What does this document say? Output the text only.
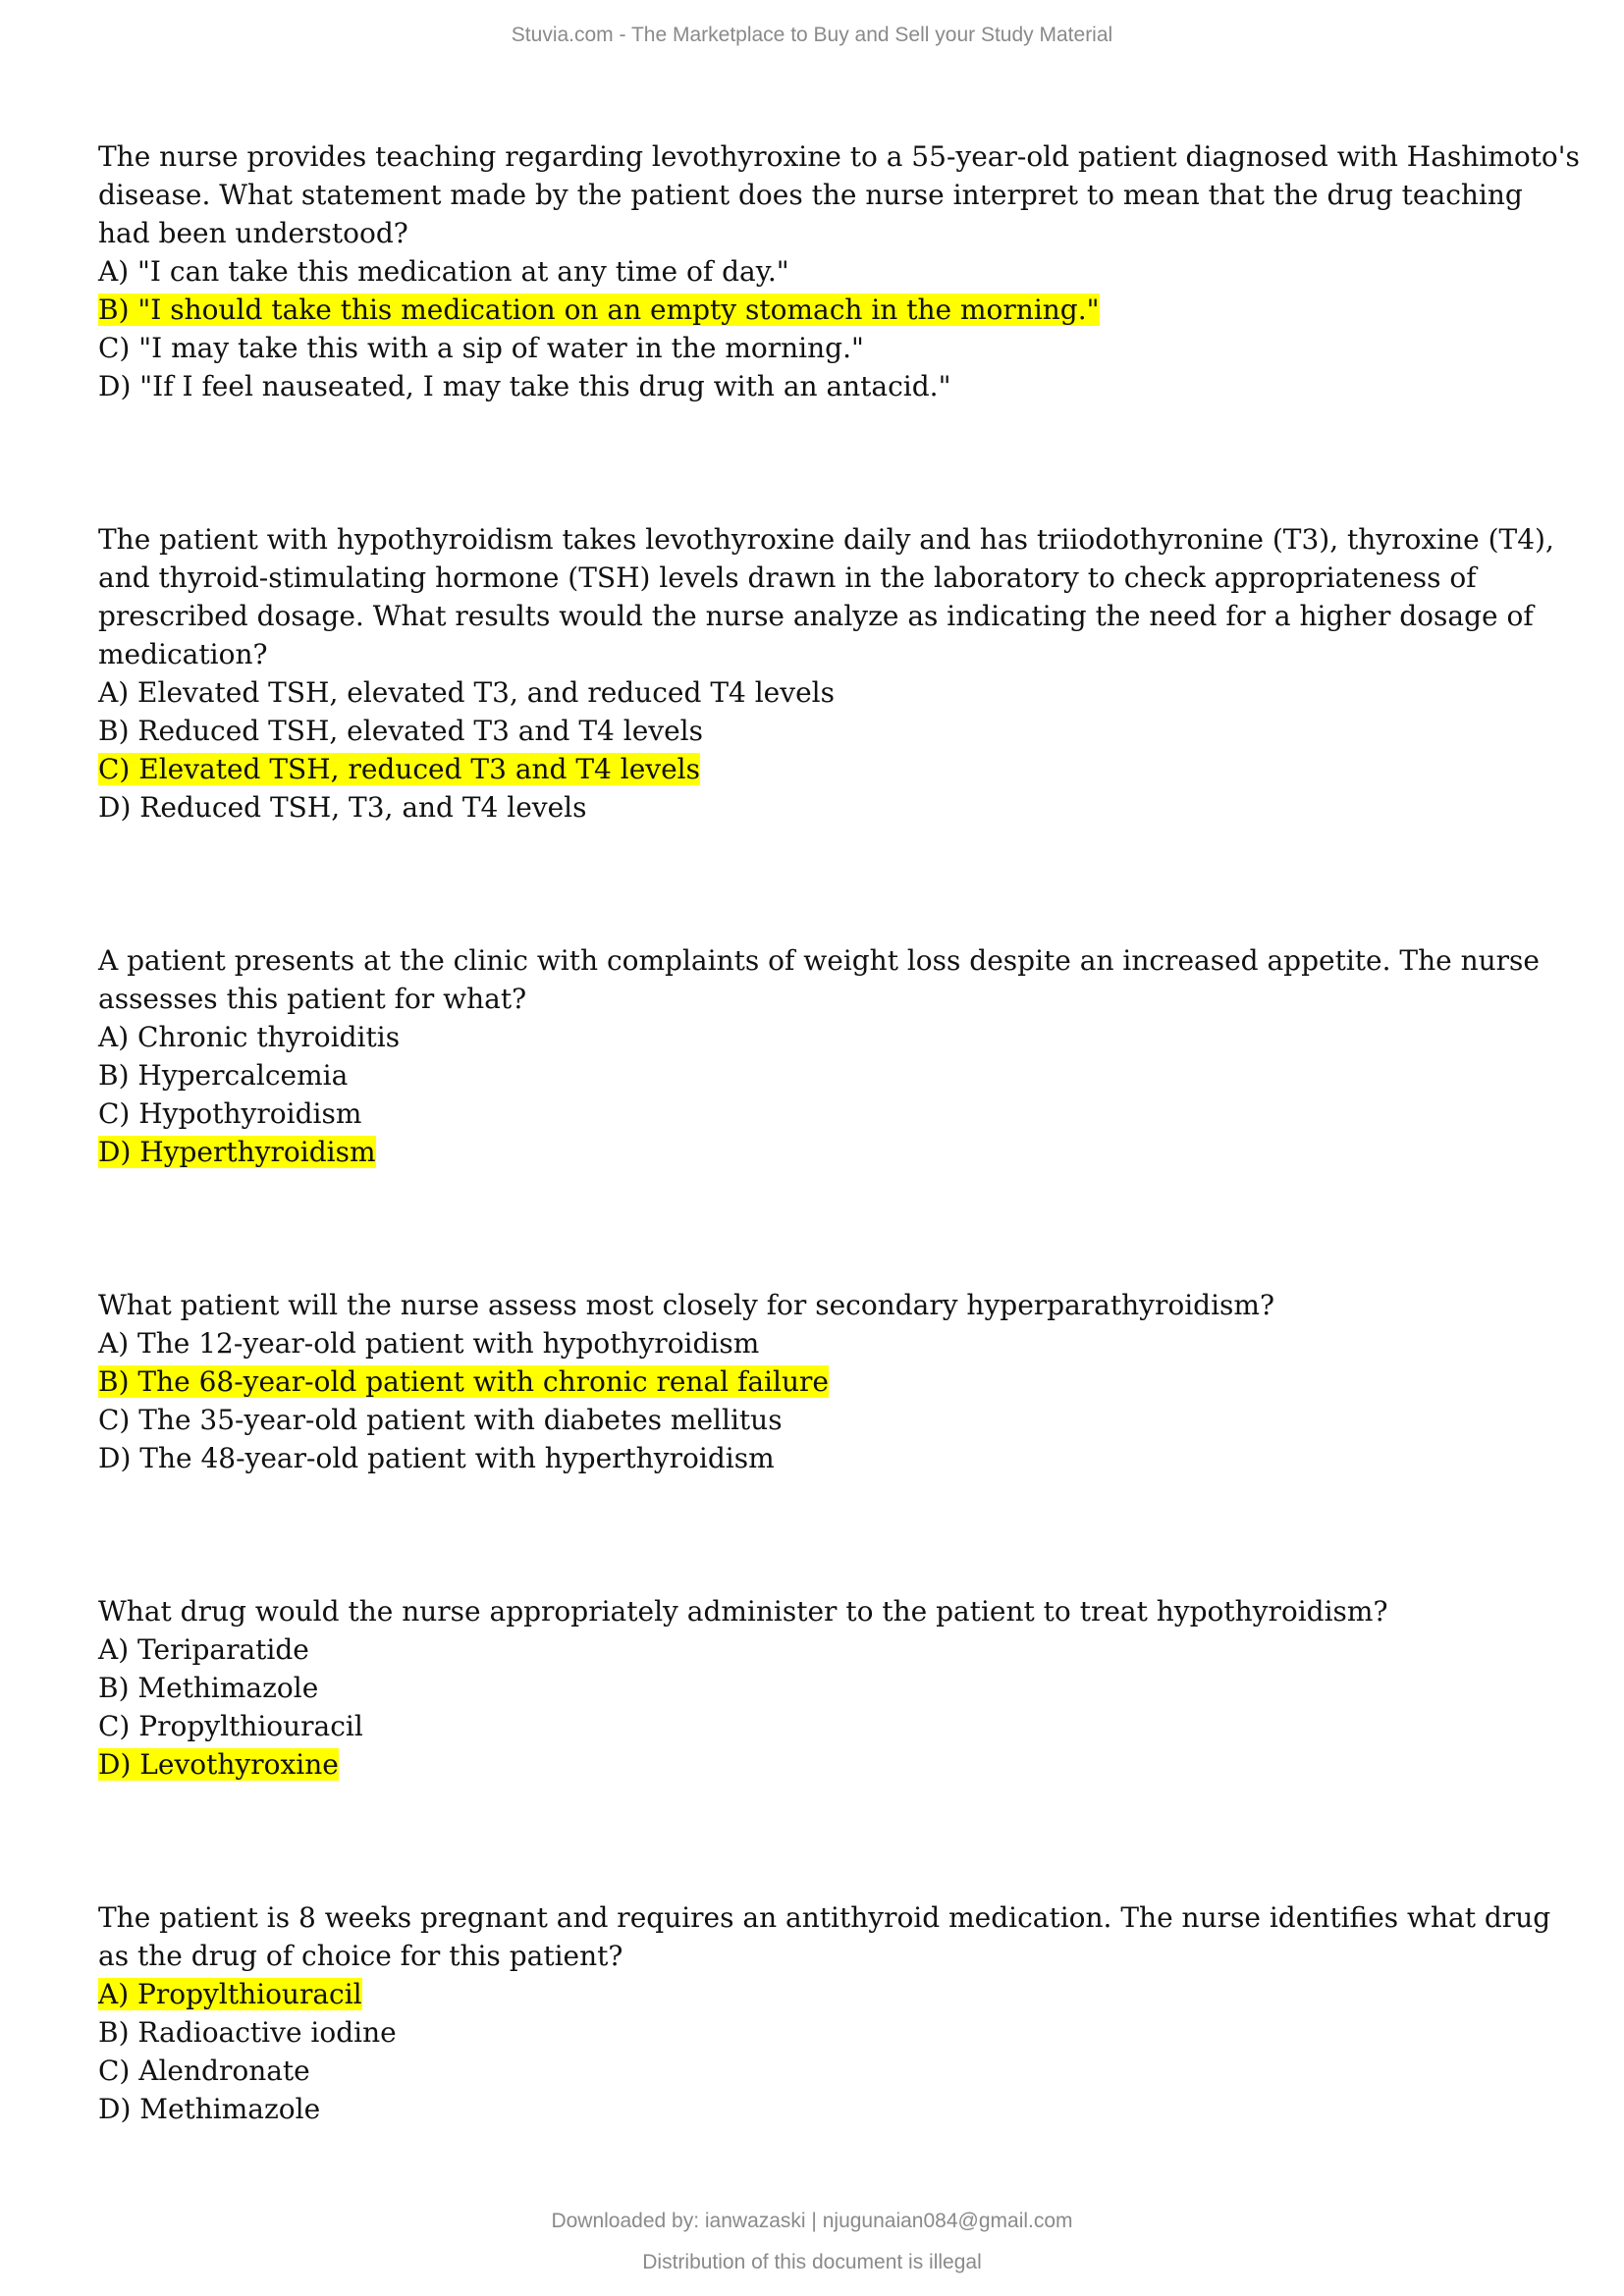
Stuvia.com - The Marketplace to Buy and Sell your Study Material

The nurse provides teaching regarding levothyroxine to a 55-year-old patient diagnosed with Hashimoto's disease. What statement made by the patient does the nurse interpret to mean that the drug teaching had been understood?

A) "I can take this medication at any time of day."

B) "I should take this medication on an empty stomach in the morning."

C) "I may take this with a sip of water in the morning."

D) "If I feel nauseated, I may take this drug with an antacid."

The patient with hypothyroidism takes levothyroxine daily and has triiodothyronine (T3), thyroxine (T4), and thyroid-stimulating hormone (TSH) levels drawn in the laboratory to check appropriateness of prescribed dosage. What results would the nurse analyze as indicating the need for a higher dosage of medication?

A) Elevated TSH, elevated T3, and reduced T4 levels

B) Reduced TSH, elevated T3 and T4 levels

C) Elevated TSH, reduced T3 and T4 levels

D) Reduced TSH, T3, and T4 levels

A patient presents at the clinic with complaints of weight loss despite an increased appetite. The nurse assesses this patient for what?

A) Chronic thyroiditis

B) Hypercalcemia

C) Hypothyroidism

D) Hyperthyroidism

What patient will the nurse assess most closely for secondary hyperparathyroidism?

A) The 12-year-old patient with hypothyroidism

B) The 68-year-old patient with chronic renal failure

C) The 35-year-old patient with diabetes mellitus

D) The 48-year-old patient with hyperthyroidism

What drug would the nurse appropriately administer to the patient to treat hypothyroidism?

A) Teriparatide

B) Methimazole

C) Propylthiouracil

D) Levothyroxine

The patient is 8 weeks pregnant and requires an antithyroid medication. The nurse identifies what drug as the drug of choice for this patient?

A) Propylthiouracil

B) Radioactive iodine

C) Alendronate

D) Methimazole

Downloaded by: ianwazaski | njugunaian084@gmail.com
Distribution of this document is illegal
